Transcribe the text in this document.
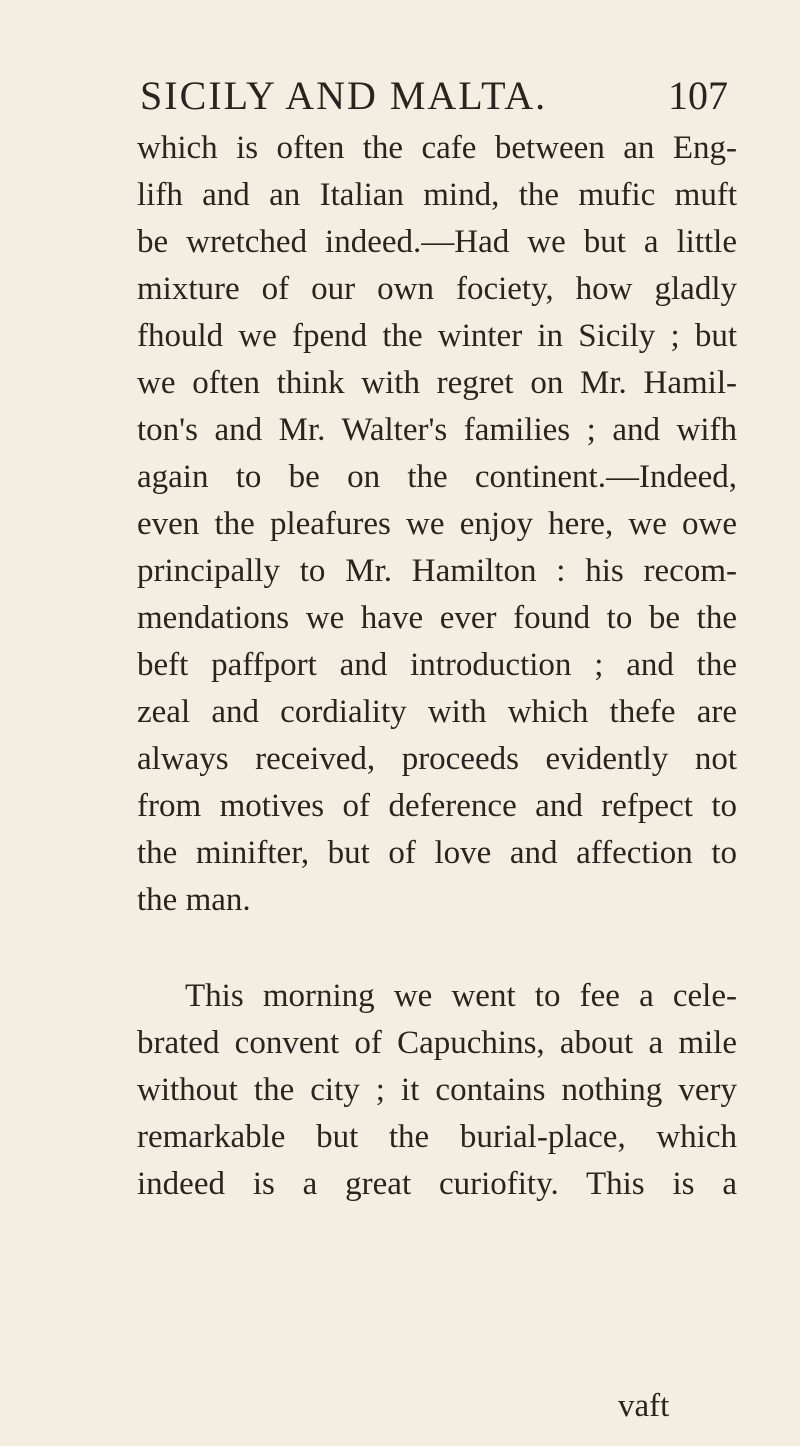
SICILY AND MALTA.	107
which is often the cafe between an Eng-
lifh and an Italian mind, the mufic muft
be wretched indeed.—Had we but a little
mixture of our own fociety, how gladly
fhould we fpend the winter in Sicily ; but
we often think with regret on Mr. Hamil-
ton's and Mr. Walter's families ; and wifh
again to be on the continent.—Indeed,
even the pleafures we enjoy here, we owe
principally to Mr. Hamilton : his recom-
mendations we have ever found to be the
beft paffport and introduction ; and the
zeal and cordiality with which thefe are
always received, proceeds evidently not
from motives of deference and refpect to
the minifter, but of love and affection to
the man.
This morning we went to fee a cele-
brated convent of Capuchins, about a mile
without the city ; it contains nothing very
remarkable but the burial-place, which
indeed is a great curiofity. This is a
vaft
